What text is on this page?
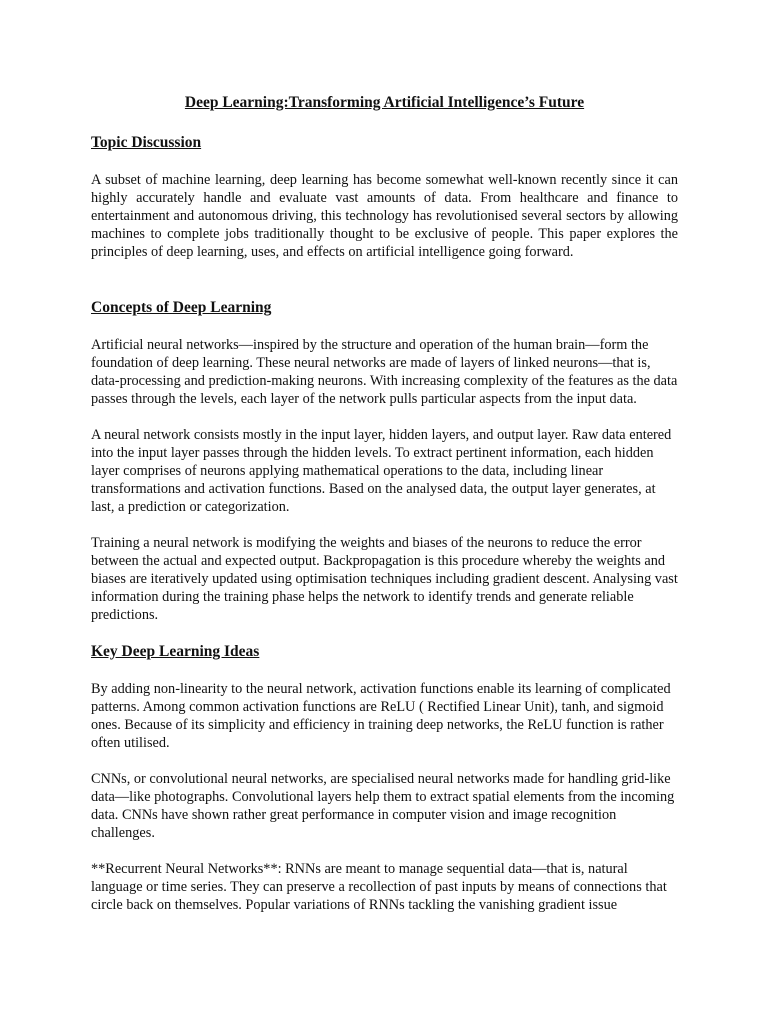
Deep Learning:Transforming Artificial Intelligence’s Future
Topic Discussion

A subset of machine learning, deep learning has become somewhat well-known recently since it can highly accurately handle and evaluate vast amounts of data. From healthcare and finance to entertainment and autonomous driving, this technology has revolutionised several sectors by allowing machines to complete jobs traditionally thought to be exclusive of people. This paper explores the principles of deep learning, uses, and effects on artificial intelligence going forward.

Concepts of Deep Learning

Artificial neural networks—inspired by the structure and operation of the human brain—form the foundation of deep learning. These neural networks are made of layers of linked neurons—that is, data-processing and prediction-making neurons. With increasing complexity of the features as the data passes through the levels, each layer of the network pulls particular aspects from the input data.

A neural network consists mostly in the input layer, hidden layers, and output layer. Raw data entered into the input layer passes through the hidden levels. To extract pertinent information, each hidden layer comprises of neurons applying mathematical operations to the data, including linear transformations and activation functions. Based on the analysed data, the output layer generates, at last, a prediction or categorization.

Training a neural network is modifying the weights and biases of the neurons to reduce the error between the actual and expected output. Backpropagation is this procedure whereby the weights and biases are iteratively updated using optimisation techniques including gradient descent. Analysing vast information during the training phase helps the network to identify trends and generate reliable predictions.

Key Deep Learning Ideas

By adding non-linearity to the neural network, activation functions enable its learning of complicated patterns. Among common activation functions are ReLU ( Rectified Linear Unit), tanh, and sigmoid ones. Because of its simplicity and efficiency in training deep networks, the ReLU function is rather often utilised.

CNNs, or convolutional neural networks, are specialised neural networks made for handling grid-like data—like photographs. Convolutional layers help them to extract spatial elements from the incoming data. CNNs have shown rather great performance in computer vision and image recognition challenges.

**Recurrent Neural Networks**: RNNs are meant to manage sequential data—that is, natural language or time series. They can preserve a recollection of past inputs by means of connections that circle back on themselves. Popular variations of RNNs tackling the vanishing gradient issue
